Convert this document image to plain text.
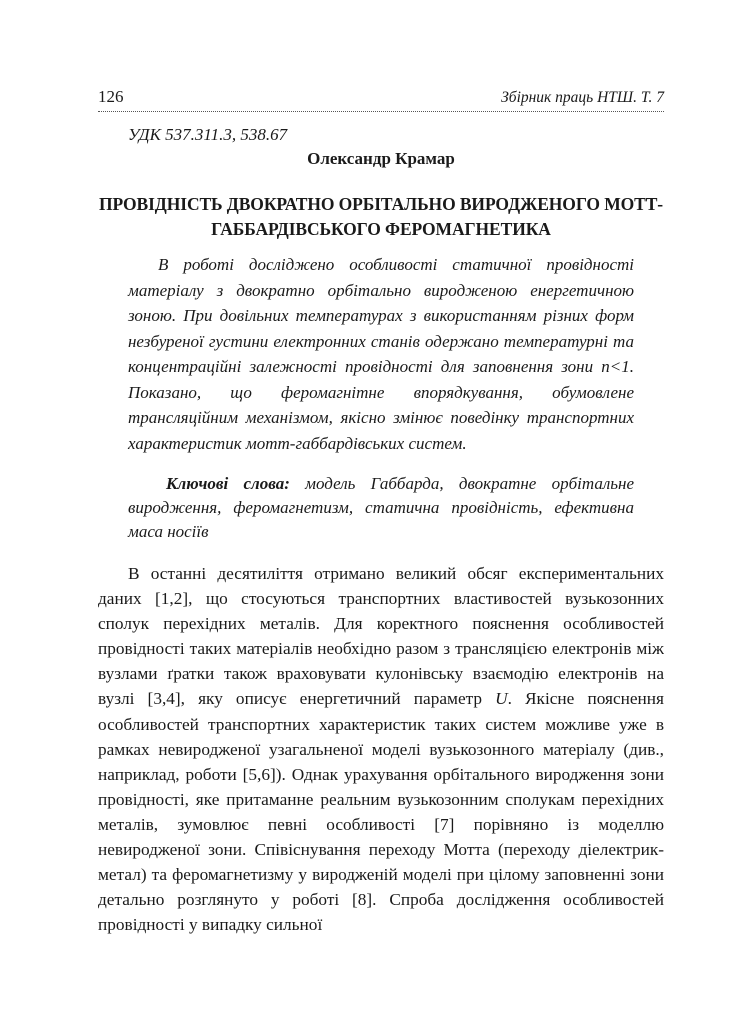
126	Збірник праць НТШ. Т. 7
УДК 537.311.3, 538.67
Олександр Крамар
ПРОВІДНІСТЬ ДВОКРАТНО ОРБІТАЛЬНО ВИРОДЖЕНОГО МОТТ-ГАББАРДІВСЬКОГО ФЕРОМАГНЕТИКА

В роботі досліджено особливості статичної провідності матеріалу з двократно орбітально виродженою енергетичною зоною. При довільних температурах з використанням різних форм незбуреної густини електронних станів одержано температурні та концентраційні залежності провідності для заповнення зони n<1. Показано, що феромагнітне впорядкування, обумовлене трансляційним механізмом, якісно змінює поведінку транспортних характеристик мотт-габбардівських систем.

Ключові слова: модель Габбарда, двократне орбітальне виродження, феромагнетизм, статична провідність, ефективна маса носіїв

В останні десятиліття отримано великий обсяг експериментальних даних [1,2], що стосуються транспортних властивостей вузькозонних сполук перехідних металів. Для коректного пояснення особливостей провідності таких матеріалів необхідно разом з трансляцією електронів між вузлами ґратки також враховувати кулонівську взаємодію електронів на вузлі [3,4], яку описує енергетичний параметр U. Якісне пояснення особливостей транспортних характеристик таких систем можливе уже в рамках невиродженої узагальненої моделі вузькозонного матеріалу (див., наприклад, роботи [5,6]). Однак урахування орбітального виродження зони провідності, яке притаманне реальним вузькозонним сполукам перехідних металів, зумовлює певні особливості [7] порівняно із моделлю невиродженої зони. Співіснування переходу Мотта (переходу діелектрик-метал) та феромагнетизму у виродженій моделі при цілому заповненні зони детально розглянуто у роботі [8]. Спроба дослідження особливостей провідності у випадку сильної
